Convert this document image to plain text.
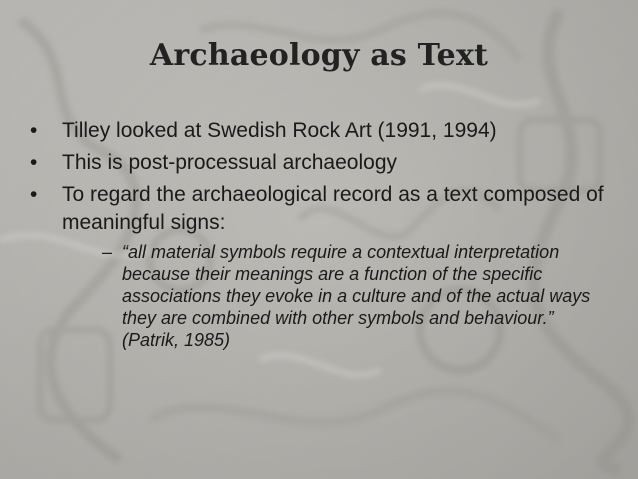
Archaeology as Text
• Tilley looked at Swedish Rock Art (1991, 1994)
• This is post-processual archaeology
• To regard the archaeological record as a text composed of meaningful signs:
– “all material symbols require a contextual interpretation because their meanings are a function of the specific associations they evoke in a culture and of the actual ways they are combined with other symbols and behaviour.” (Patrik, 1985)
